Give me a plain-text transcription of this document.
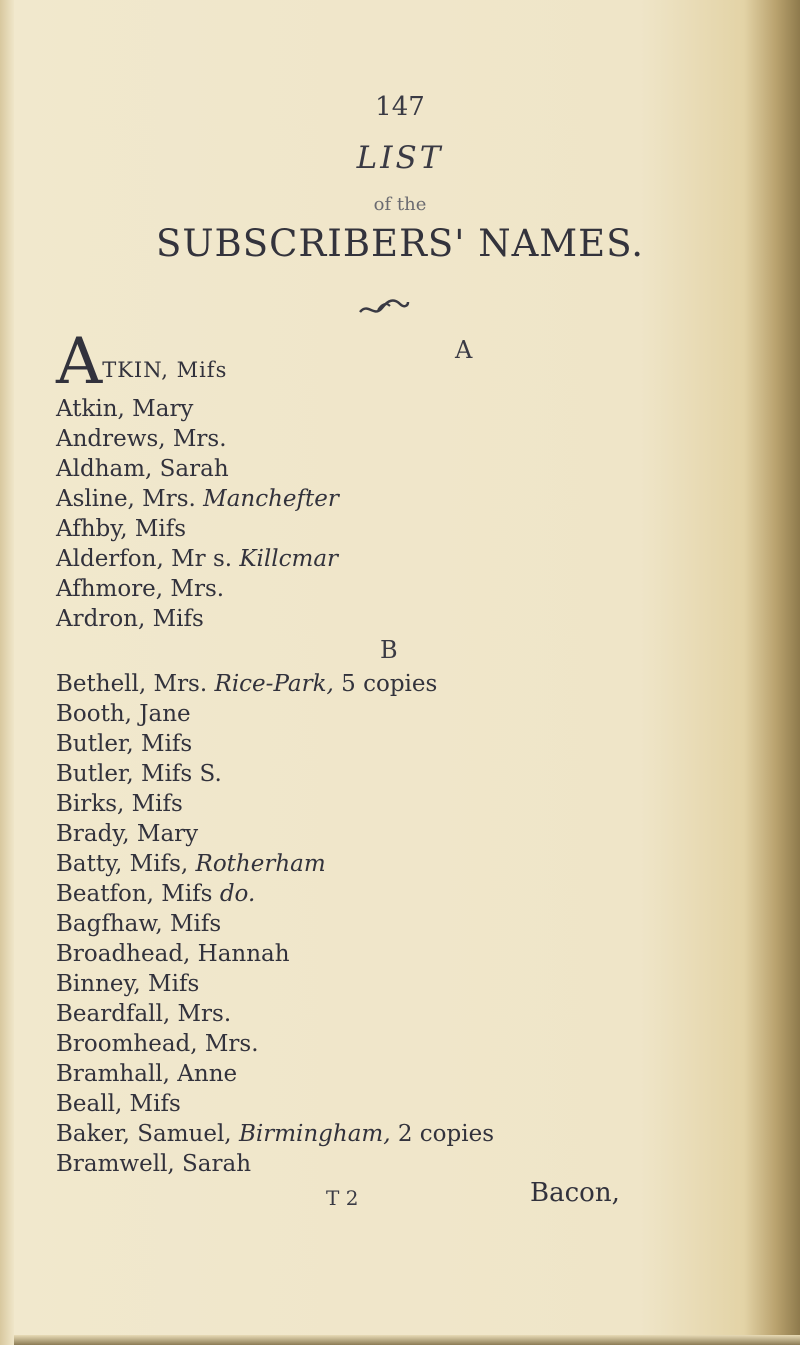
147
LIST
of the
SUBSCRIBERS' NAMES.
A
ATKIN, Mifs
Atkin, Mary
Andrews, Mrs.
Aldham, Sarah
Asline, Mrs. Manchefter
Afhby, Mifs
Alderfon, Mr s. Killcmar
Afhmore, Mrs.
Ardron, Mifs
Bethell, Mrs. Rice-Park, 5 copies
Booth, Jane
Butler, Mifs
Butler, Mifs S.
Birks, Mifs
Brady, Mary
Batty, Mifs, Rotherham
Beatfon, Mifs do.
Bagfhaw, Mifs
Broadhead, Hannah
Binney, Mifs
Beardfall, Mrs.
Broomhead, Mrs.
Bramhall, Anne
Beall, Mifs
Baker, Samuel, Birmingham, 2 copies
Bramwell, Sarah
B
T 2	Bacon,
